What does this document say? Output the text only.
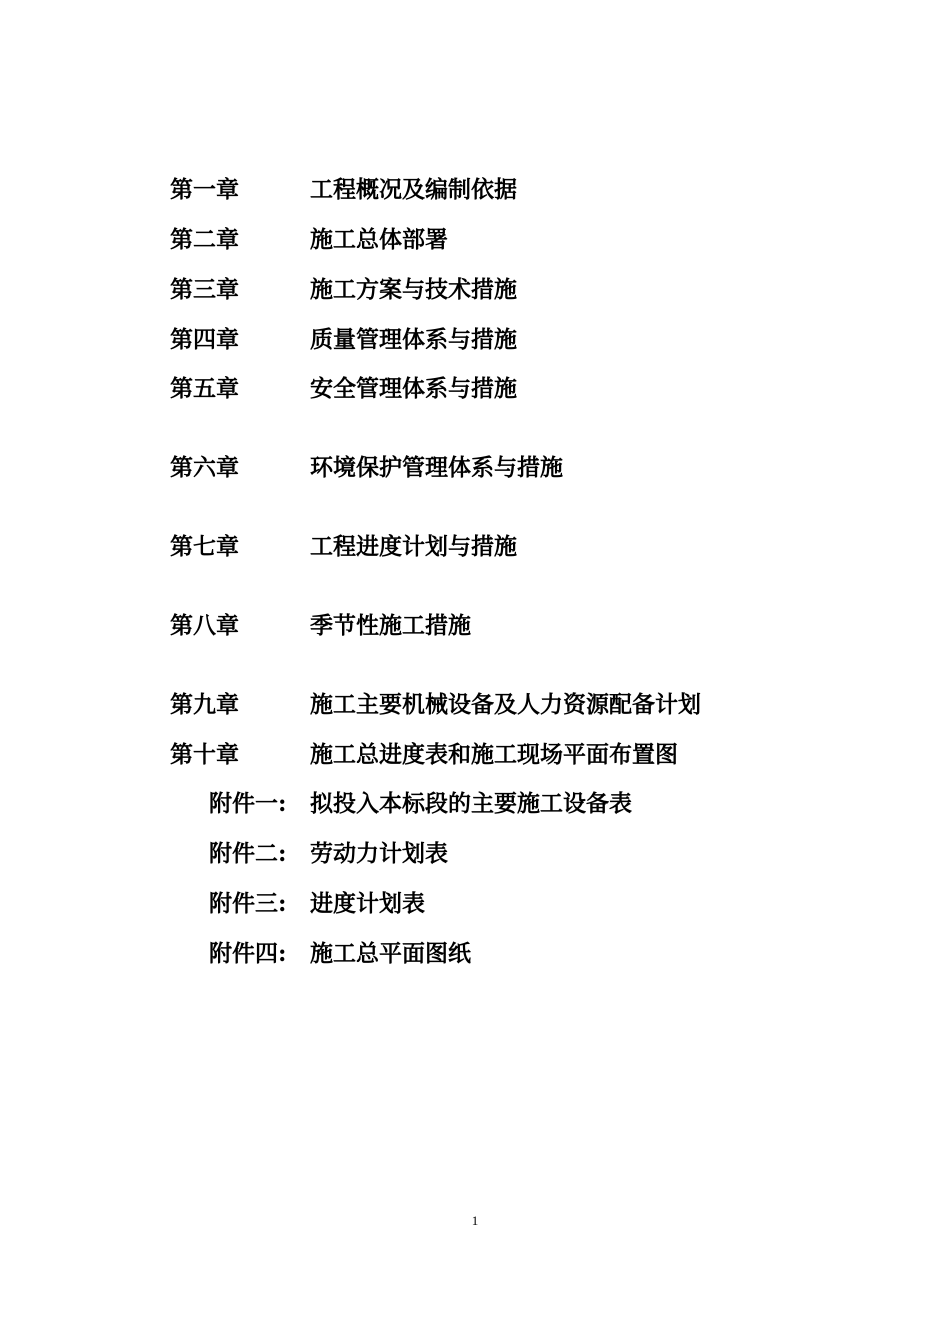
第一章	工程概况及编制依据
第二章	施工总体部署
第三章	施工方案与技术措施
第四章	质量管理体系与措施
第五章	安全管理体系与措施
第六章	环境保护管理体系与措施
第七章	工程进度计划与措施
第八章	季节性施工措施
第九章	施工主要机械设备及人力资源配备计划
第十章	施工总进度表和施工现场平面布置图
附件一: 拟投入本标段的主要施工设备表
附件二: 劳动力计划表
附件三: 进度计划表
附件四: 施工总平面图纸
1
